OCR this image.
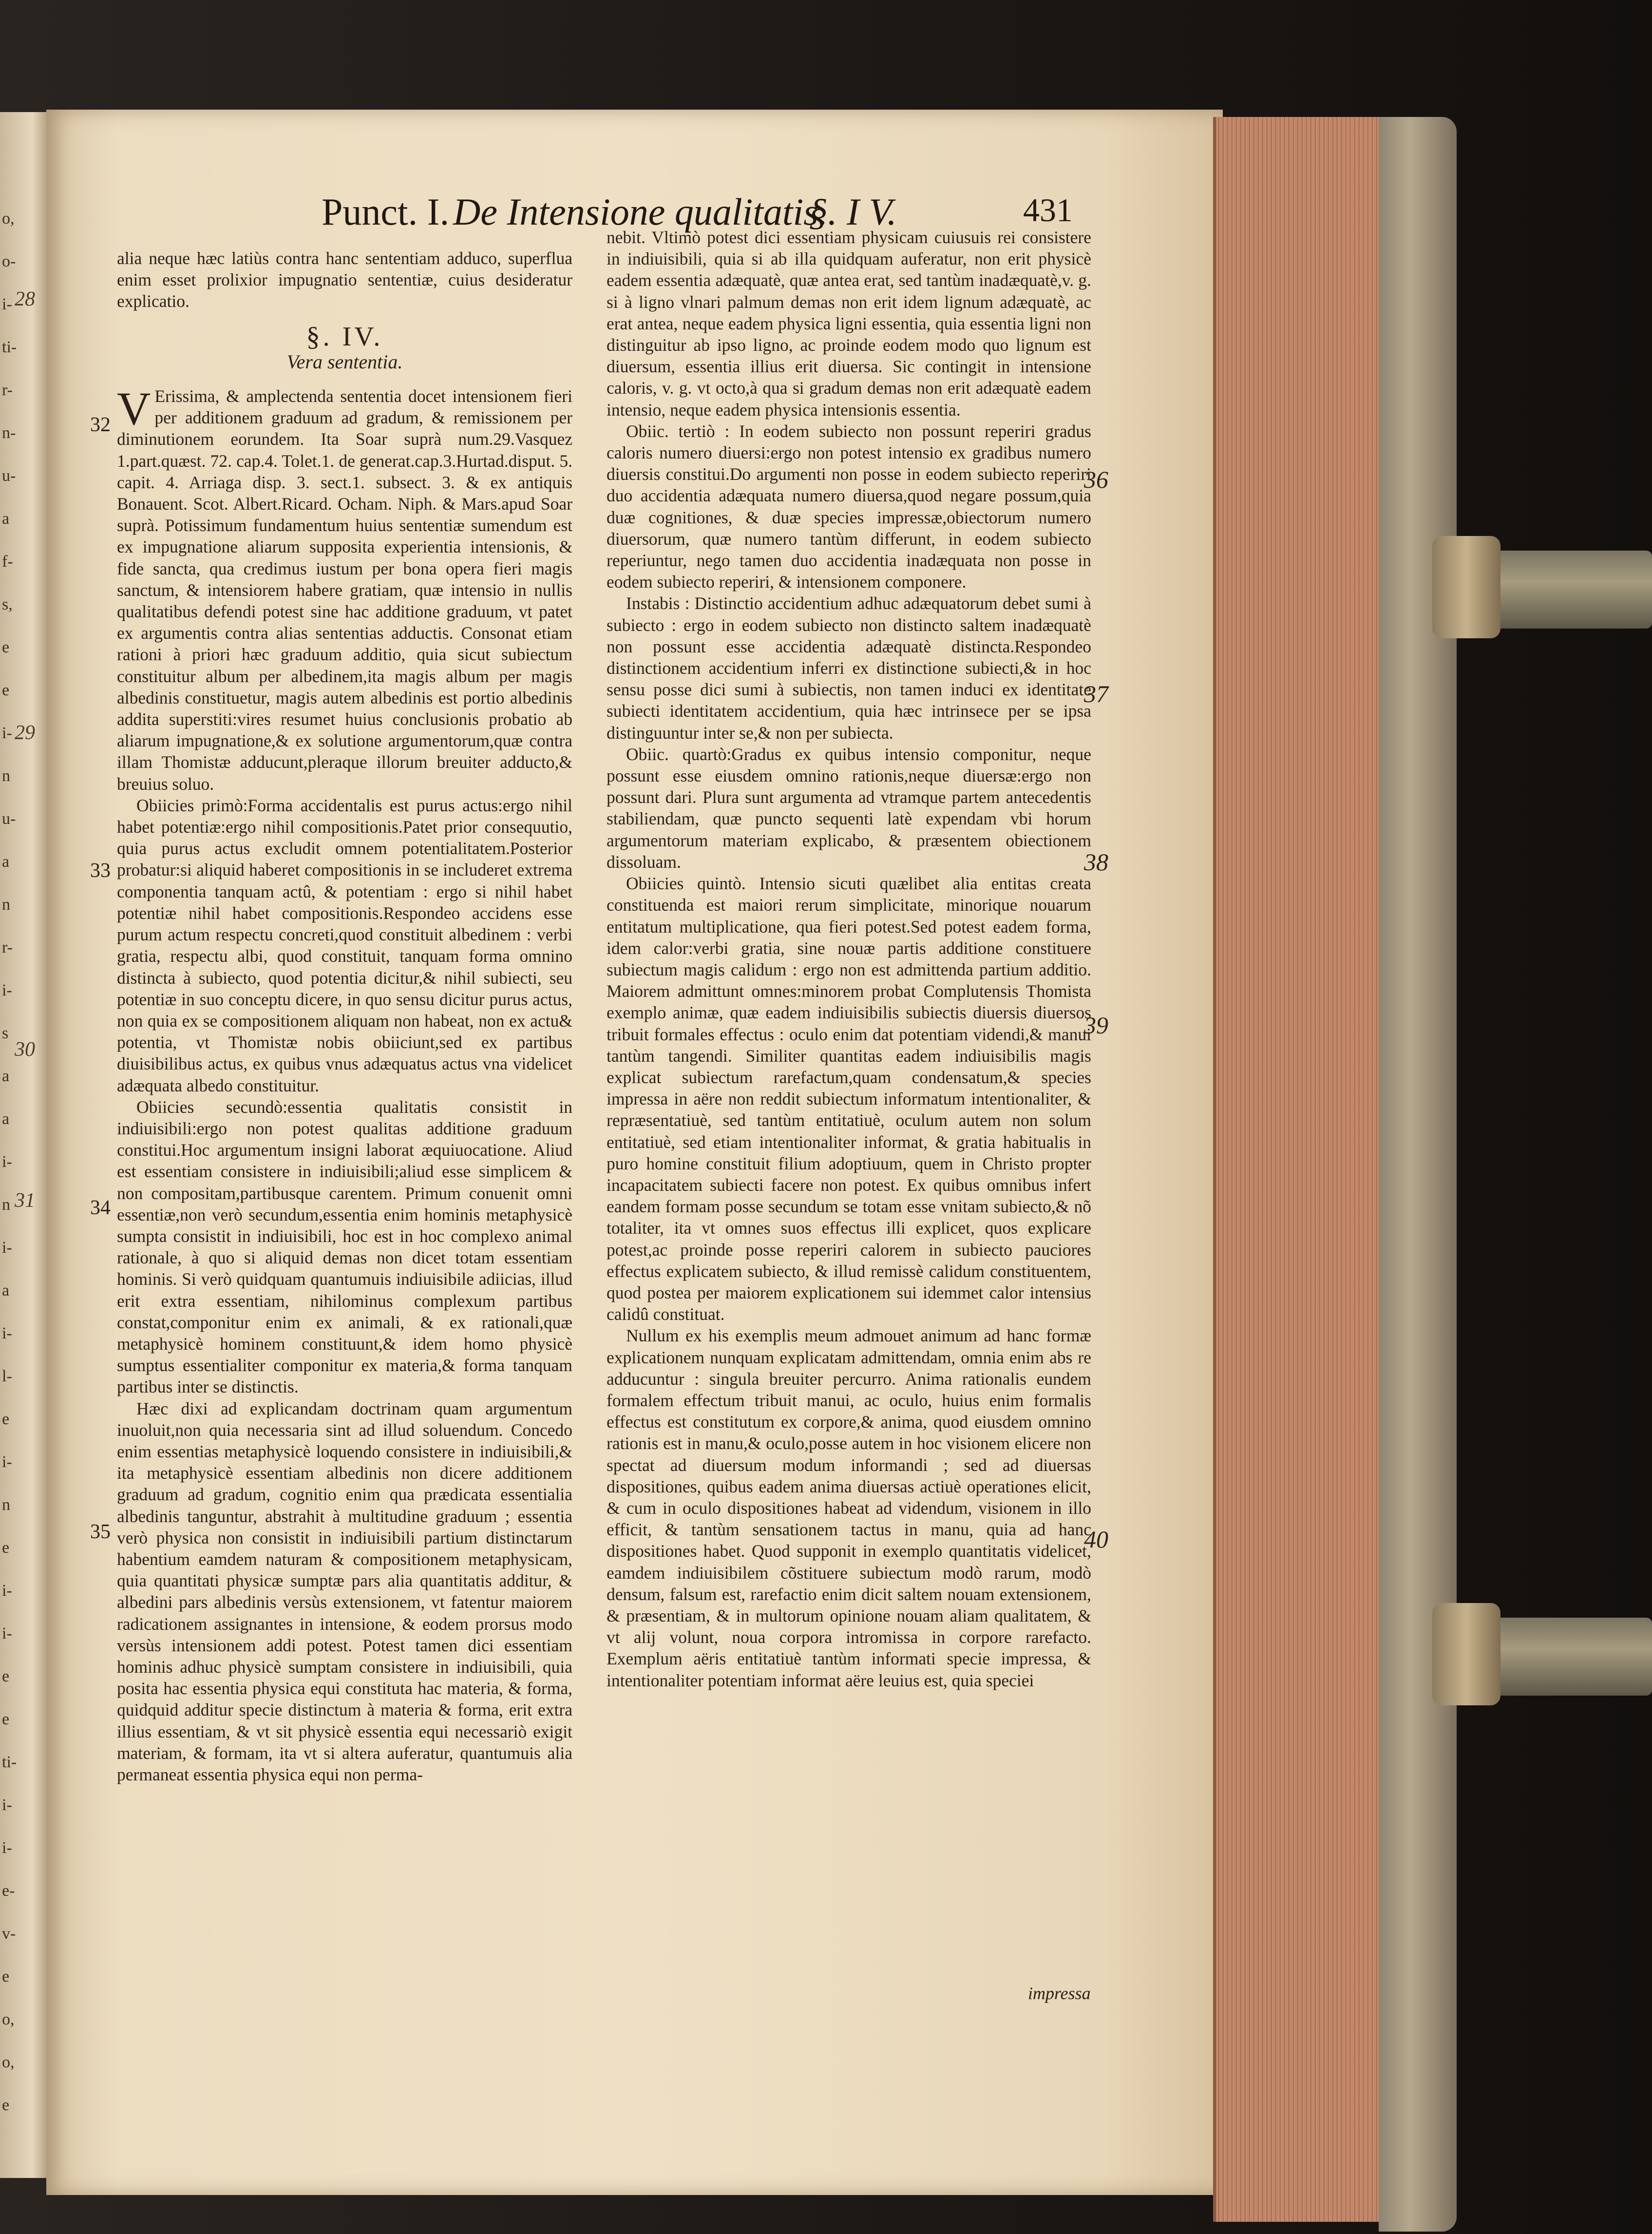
28
29
30
31
o,
o-
i-
ti-
r-
n-
u-
a
f-
s,
e
e
i-
n
u-
a
n
r-
i-
s
a
a
i-
n
i-
a
i-
l-
e
i-
n
e
i-
i-
e
e
ti-
i-
i-
e-
v-
e
o,
o,
e
Punct. I. De Intensione qualitatis.
§. I V.	431

alia neque hæc latiùs contra hanc sententiam adduco, superflua enim esset prolixior impugnatio sententiæ, cuius desideratur explicatio.

§. IV.
Vera sententia.

V Erissima, & amplectenda sententia docet intensionem fieri per additionem graduum ad gradum, & remissionem per diminutionem eorundem. Ita Soar suprà num.29.Vasquez 1.part.quæst. 72. cap.4. Tolet.1. de generat.cap.3.Hurtad.disput. 5. capit. 4. Arriaga disp. 3. sect.1. subsect. 3. & ex antiquis Bonauent. Scot. Albert.Ricard. Ocham. Niph. & Mars.apud Soar suprà. Potissimum fundamentum huius sententiæ sumendum est ex impugnatione aliarum supposita experientia intensionis, & fide sancta, qua credimus iustum per bona opera fieri magis sanctum, & intensiorem habere gratiam, quæ intensio in nullis qualitatibus defendi potest sine hac additione graduum, vt patet ex argumentis contra alias sententias adductis. Consonat etiam rationi à priori hæc graduum additio, quia sicut subiectum constituitur album per albedinem,ita magis album per magis albedinis constituetur, magis autem albedinis est portio albedinis addita superstiti:vires resumet huius conclusionis probatio ab aliarum impugnatione,& ex solutione argumentorum,quæ contra illam Thomistæ adducunt,pleraque illorum breuiter adducto,& breuius soluo.

Obiicies primò:Forma accidentalis est purus actus:ergo nihil habet potentiæ:ergo nihil compositionis.Patet prior consequutio, quia purus actus excludit omnem potentialitatem.Posterior probatur:si aliquid haberet compositionis in se includeret extrema componentia tanquam actû, & potentiam : ergo si nihil habet potentiæ nihil habet compositionis.Respondeo accidens esse purum actum respectu concreti,quod constituit albedinem : verbi gratia, respectu albi, quod constituit, tanquam forma omnino distincta à subiecto, quod potentia dicitur,& nihil subiecti, seu potentiæ in suo conceptu dicere, in quo sensu dicitur purus actus, non quia ex se compositionem aliquam non habeat, non ex actu& potentia, vt Thomistæ nobis obiiciunt,sed ex partibus diuisibilibus actus, ex quibus vnus adæquatus actus vna videlicet adæquata albedo constituitur.

Obiicies secundò:essentia qualitatis consistit in indiuisibili:ergo non potest qualitas additione graduum constitui.Hoc argumentum insigni laborat æquiuocatione. Aliud est essentiam consistere in indiuisibili;aliud esse simplicem & non compositam,partibusque carentem. Primum conuenit omni essentiæ,non verò secundum,essentia enim hominis metaphysicè sumpta consistit in indiuisibili, hoc est in hoc complexo animal rationale, à quo si aliquid demas non dicet totam essentiam hominis. Si verò quidquam quantumuis indiuisibile adiicias, illud erit extra essentiam, nihilominus complexum partibus constat,componitur enim ex animali, & ex rationali,quæ metaphysicè hominem constituunt,& idem homo physicè sumptus essentialiter componitur ex materia,& forma tanquam partibus inter se distinctis.

Hæc dixi ad explicandam doctrinam quam argumentum inuoluit,non quia necessaria sint ad illud soluendum. Concedo enim essentias metaphysicè loquendo consistere in indiuisibili,& ita metaphysicè essentiam albedinis non dicere additionem graduum ad gradum, cognitio enim qua prædicata essentialia albedinis tanguntur, abstrahit à multitudine graduum ; essentia verò physica non consistit in indiuisibili partium distinctarum habentium eamdem naturam & compositionem metaphysicam, quia quantitati physicæ sumptæ pars alia quantitatis additur, & albedini pars albedinis versùs extensionem, vt fatentur maiorem radicationem assignantes in intensione, & eodem prorsus modo versùs intensionem addi potest. Potest tamen dici essentiam hominis adhuc physicè sumptam consistere in indiuisibili, quia posita hac essentia physica equi constituta hac materia, & forma, quidquid additur specie distinctum à materia & forma, erit extra illius essentiam, & vt sit physicè essentia equi necessariò exigit materiam, & formam, ita vt si altera auferatur, quantumuis alia permaneat essentia physica equi non perma-

32
33
34
35

nebit. Vltimò potest dici essentiam physicam cuiusuis rei consistere in indiuisibili, quia si ab illa quidquam auferatur, non erit physicè eadem essentia adæquatè, quæ antea erat, sed tantùm inadæquatè,v. g. si à ligno vlnari palmum demas non erit idem lignum adæquatè, ac erat antea, neque eadem physica ligni essentia, quia essentia ligni non distinguitur ab ipso ligno, ac proinde eodem modo quo lignum est diuersum, essentia illius erit diuersa. Sic contingit in intensione caloris, v. g. vt octo,à qua si gradum demas non erit adæquatè eadem intensio, neque eadem physica intensionis essentia.

Obiic. tertiò : In eodem subiecto non possunt reperiri gradus caloris numero diuersi:ergo non potest intensio ex gradibus numero diuersis constitui.Do argumenti non posse in eodem subiecto reperiri duo accidentia adæquata numero diuersa,quod negare possum,quia duæ cognitiones, & duæ species impressæ,obiectorum numero diuersorum, quæ numero tantùm differunt, in eodem subiecto reperiuntur, nego tamen duo accidentia inadæquata non posse in eodem subiecto reperiri, & intensionem componere.

Instabis : Distinctio accidentium adhuc adæquatorum debet sumi à subiecto : ergo in eodem subiecto non distincto saltem inadæquatè non possunt esse accidentia adæquatè distincta.Respondeo distinctionem accidentium inferri ex distinctione subiecti,& in hoc sensu posse dici sumi à subiectis, non tamen induci ex identitate subiecti identitatem accidentium, quia hæc intrinsece per se ipsa distinguuntur inter se,& non per subiecta.

Obiic. quartò:Gradus ex quibus intensio componitur, neque possunt esse eiusdem omnino rationis,neque diuersæ:ergo non possunt dari. Plura sunt argumenta ad vtramque partem antecedentis stabiliendam, quæ puncto sequenti latè expendam vbi horum argumentorum materiam explicabo, & præsentem obiectionem dissoluam.

Obiicies quintò. Intensio sicuti quælibet alia entitas creata constituenda est maiori rerum simplicitate, minorique nouarum entitatum multiplicatione, qua fieri potest.Sed potest eadem forma, idem calor:verbi gratia, sine nouæ partis additione constituere subiectum magis calidum : ergo non est admittenda partium additio. Maiorem admittunt omnes:minorem probat Complutensis Thomista exemplo animæ, quæ eadem indiuisibilis subiectis diuersis diuersos tribuit formales effectus : oculo enim dat potentiam videndi,& manui tantùm tangendi. Similiter quantitas eadem indiuisibilis magis explicat subiectum rarefactum,quam condensatum,& species impressa in aëre non reddit subiectum informatum intentionaliter, & repræsentatiuè, sed tantùm entitatiuè, oculum autem non solum entitatiuè, sed etiam intentionaliter informat, & gratia habitualis in puro homine constituit filium adoptiuum, quem in Christo propter incapacitatem subiecti facere non potest. Ex quibus omnibus infert eandem formam posse secundum se totam esse vnitam subiecto,& nõ totaliter, ita vt omnes suos effectus illi explicet, quos explicare potest,ac proinde posse reperiri calorem in subiecto pauciores effectus explicatem subiecto, & illud remissè calidum constituentem, quod postea per maiorem explicationem sui idemmet calor intensius calidû constituat.

Nullum ex his exemplis meum admouet animum ad hanc formæ explicationem nunquam explicatam admittendam, omnia enim abs re adducuntur : singula breuiter percurro. Anima rationalis eundem formalem effectum tribuit manui, ac oculo, huius enim formalis effectus est constitutum ex corpore,& anima, quod eiusdem omnino rationis est in manu,& oculo,posse autem in hoc visionem elicere non spectat ad diuersum modum informandi ; sed ad diuersas dispositiones, quibus eadem anima diuersas actiuè operationes elicit, & cum in oculo dispositiones habeat ad videndum, visionem in illo efficit, & tantùm sensationem tactus in manu, quia ad hanc dispositiones habet. Quod supponit in exemplo quantitatis videlicet, eamdem indiuisibilem cõstituere subiectum modò rarum, modò densum, falsum est, rarefactio enim dicit saltem nouam extensionem, & præsentiam, & in multorum opinione nouam aliam qualitatem, & vt alij volunt, noua corpora intromissa in corpore rarefacto. Exemplum aëris entitatiuè tantùm informati specie impressa, & intentionaliter potentiam informat aëre leuius est, quia speciei

impressa
36
37
38
39
40
